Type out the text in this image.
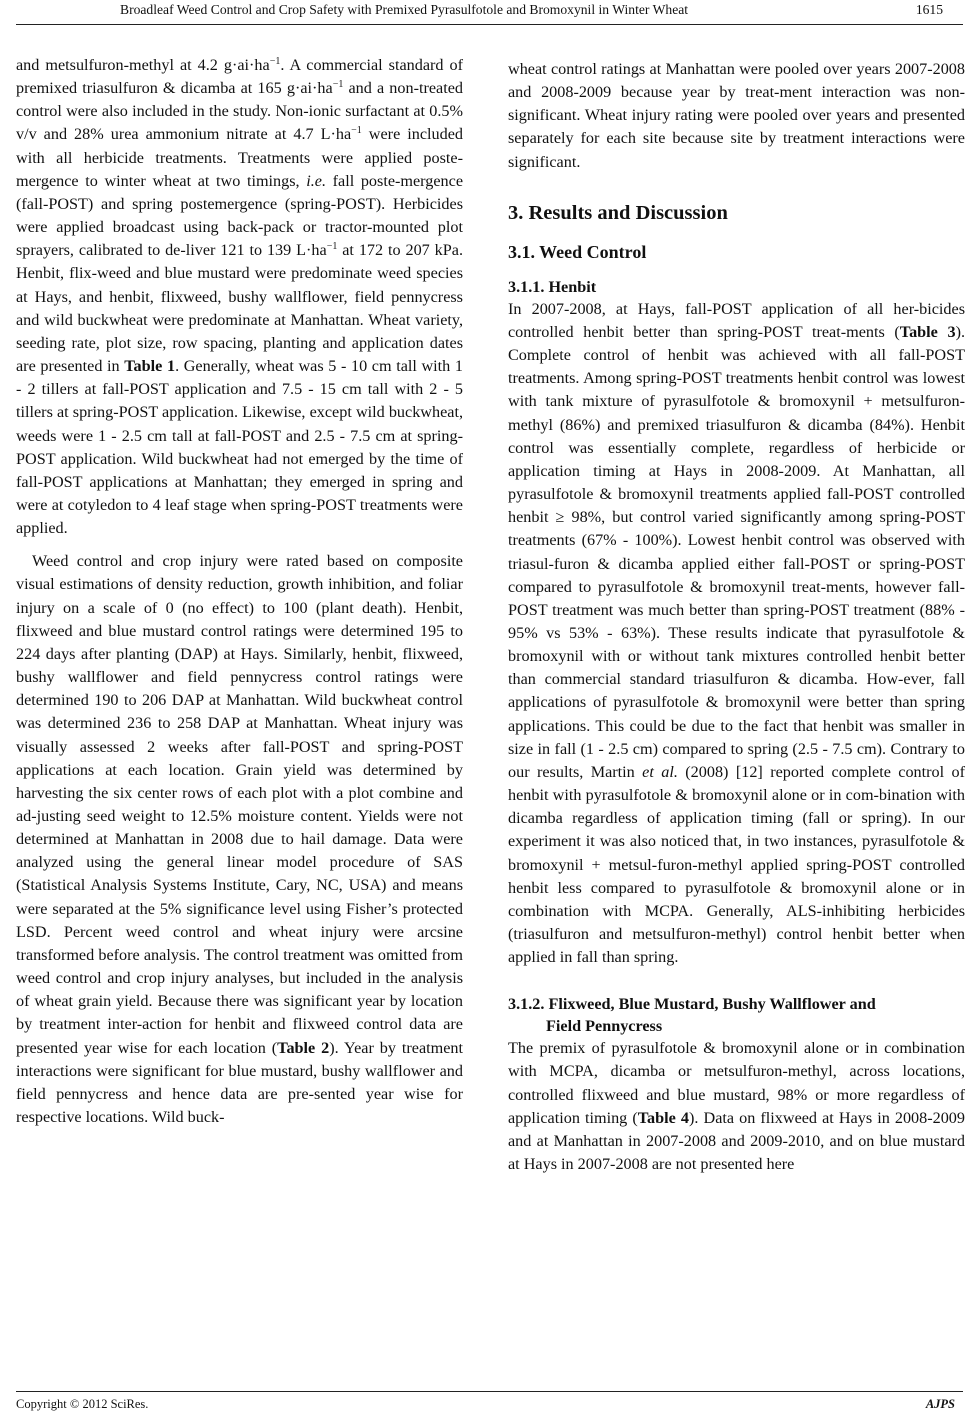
Broadleaf Weed Control and Crop Safety with Premixed Pyrasulfotole and Bromoxynil in Winter Wheat	1615

and metsulfuron-methyl at 4.2 $g\cdot ai\cdot ha^{-1}$. A commercial standard of premixed triasulfuron & dicamba at 165 $g\cdot ai\cdot ha^{-1}$ and a non-treated control were also included in the study. Non-ionic surfactant at 0.5% v/v and 28% urea ammonium nitrate at 4.7 $L\cdot ha^{-1}$ were included with all herbicide treatments. Treatments were applied poste-mergence to winter wheat at two timings, i.e. fall poste-mergence (fall-POST) and spring postemergence (spring-POST). Herbicides were applied broadcast using back-pack or tractor-mounted plot sprayers, calibrated to de-liver 121 to 139 $L\cdot ha^{-1}$ at 172 to 207 kPa. Henbit, flix-weed and blue mustard were predominate weed species at Hays, and henbit, flixweed, bushy wallflower, field pennycress and wild buckwheat were predominate at Manhattan. Wheat variety, seeding rate, plot size, row spacing, planting and application dates are presented in Table 1. Generally, wheat was 5 - 10 cm tall with 1 - 2 tillers at fall-POST application and 7.5 - 15 cm tall with 2 - 5 tillers at spring-POST application. Likewise, except wild buckwheat, weeds were 1 - 2.5 cm tall at fall-POST and 2.5 - 7.5 cm at spring-POST application. Wild buckwheat had not emerged by the time of fall-POST applications at Manhattan; they emerged in spring and were at cotyledon to 4 leaf stage when spring-POST treatments were applied.

Weed control and crop injury were rated based on composite visual estimations of density reduction, growth inhibition, and foliar injury on a scale of 0 (no effect) to 100 (plant death). Henbit, flixweed and blue mustard control ratings were determined 195 to 224 days after planting (DAP) at Hays. Similarly, henbit, flixweed, bushy wallflower and field pennycress control ratings were determined 190 to 206 DAP at Manhattan. Wild buckwheat control was determined 236 to 258 DAP at Manhattan. Wheat injury was visually assessed 2 weeks after fall-POST and spring-POST applications at each location. Grain yield was determined by harvesting the six center rows of each plot with a plot combine and ad-justing seed weight to 12.5% moisture content. Yields were not determined at Manhattan in 2008 due to hail damage. Data were analyzed using the general linear model procedure of SAS (Statistical Analysis Systems Institute, Cary, NC, USA) and means were separated at the 5% significance level using Fisher’s protected LSD. Percent weed control and wheat injury were arcsine transformed before analysis. The control treatment was omitted from weed control and crop injury analyses, but included in the analysis of wheat grain yield. Because there was significant year by location by treatment inter-action for henbit and flixweed control data are presented year wise for each location (Table 2). Year by treatment interactions were significant for blue mustard, bushy wallflower and field pennycress and hence data are pre-sented year wise for respective locations. Wild buck-

wheat control ratings at Manhattan were pooled over years 2007-2008 and 2008-2009 because year by treat-ment interaction was non-significant. Wheat injury rating were pooled over years and presented separately for each site because site by treatment interactions were significant.

3. Results and Discussion
3.1. Weed Control
3.1.1. Henbit

In 2007-2008, at Hays, fall-POST application of all her-bicides controlled henbit better than spring-POST treat-ments (Table 3). Complete control of henbit was achieved with all fall-POST treatments. Among spring-POST treatments henbit control was lowest with tank mixture of pyrasulfotole & bromoxynil + metsulfuron-methyl (86%) and premixed triasulfuron & dicamba (84%). Henbit control was essentially complete, regardless of herbicide or application timing at Hays in 2008-2009. At Manhattan, all pyrasulfotole & bromoxynil treatments applied fall-POST controlled henbit ≥ 98%, but control varied significantly among spring-POST treatments (67% - 100%). Lowest henbit control was observed with triasul-furon & dicamba applied either fall-POST or spring-POST compared to pyrasulfotole & bromoxynil treat-ments, however fall-POST treatment was much better than spring-POST treatment (88% - 95% vs 53% - 63%). These results indicate that pyrasulfotole & bromoxynil with or without tank mixtures controlled henbit better than commercial standard triasulfuron & dicamba. How-ever, fall applications of pyrasulfotole & bromoxynil were better than spring applications. This could be due to the fact that henbit was smaller in size in fall (1 - 2.5 cm) compared to spring (2.5 - 7.5 cm). Contrary to our results, Martin et al. (2008) [12] reported complete control of henbit with pyrasulfotole & bromoxynil alone or in com-bination with dicamba regardless of application timing (fall or spring). In our experiment it was also noticed that, in two instances, pyrasulfotole & bromoxynil + metsul-furon-methyl applied spring-POST controlled henbit less compared to pyrasulfotole & bromoxynil alone or in combination with MCPA. Generally, ALS-inhibiting herbicides (triasulfuron and metsulfuron-methyl) control henbit better when applied in fall than spring.

3.1.2. Flixweed, Blue Mustard, Bushy Wallflower and
Field Pennycress

The premix of pyrasulfotole & bromoxynil alone or in combination with MCPA, dicamba or metsulfuron-methyl, across locations, controlled flixweed and blue mustard, 98% or more regardless of application timing (Table 4). Data on flixweed at Hays in 2008-2009 and at Manhattan in 2007-2008 and 2009-2010, and on blue mustard at Hays in 2007-2008 are not presented here

Copyright © 2012 SciRes.	AJPS
